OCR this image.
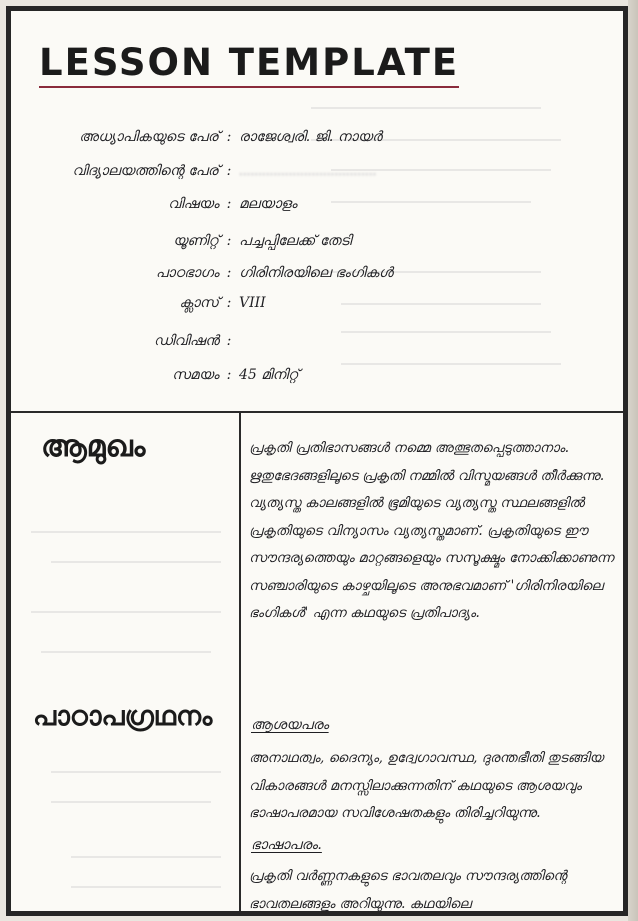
LESSON TEMPLATE
അധ്യാപികയുടെ പേര് : രാജേശ്വരി. ജി. നായർ
വിദ്യാലയത്തിന്റെ പേര് : ....................................
വിഷയം : മലയാളം
യൂണിറ്റ് : പച്ചപ്പിലേക്ക് തേടി
പാഠഭാഗം : ഗിരിനിരയിലെ ഭംഗികൾ
ക്ലാസ് : VIII
ഡിവിഷൻ :
സമയം : 45 മിനിറ്റ്
ആമുഖം	പ്രകൃതി പ്രതിഭാസങ്ങൾ നമ്മെ അത്ഭുതപ്പെടുത്താനാം. ഋതുഭേദങ്ങളിലൂടെ പ്രകൃതി നമ്മിൽ വിസ്മയങ്ങൾ തീർക്കുന്നു. വ്യത്യസ്ത കാലങ്ങളിൽ ഭൂമിയുടെ വ്യത്യസ്ത സ്ഥലങ്ങളിൽ പ്രകൃതിയുടെ വിന്യാസം വ്യത്യസ്തമാണ്. പ്രകൃതിയുടെ ഈ സൗന്ദര്യത്തെയും മാറ്റങ്ങളെയും സസൂക്ഷ്മം നോക്കിക്കാണുന്ന സഞ്ചാരിയുടെ കാഴ്ചയിലൂടെ അനുഭവമാണ് 'ഗിരിനിരയിലെ ഭംഗികൾ' എന്ന കഥയുടെ പ്രതിപാദ്യം.

പാഠാപഗ്രഥനം	ആശയപരം

അനാഥത്വം, ദൈന്യം, ഉദ്വേഗാവസ്ഥ, ദുരന്തഭീതി തുടങ്ങിയ വികാരങ്ങൾ മനസ്സിലാക്കുന്നതിന് കഥയുടെ ആശയവും ഭാഷാപരമായ സവിശേഷതകളും തിരിച്ചറിയുന്നു.

ഭാഷാപരം.

പ്രകൃതി വർണ്ണനകളുടെ ഭാവതലവും സൗന്ദര്യത്തിന്റെ ഭാവതലങ്ങളും അറിയുന്നു. കഥയിലെ
